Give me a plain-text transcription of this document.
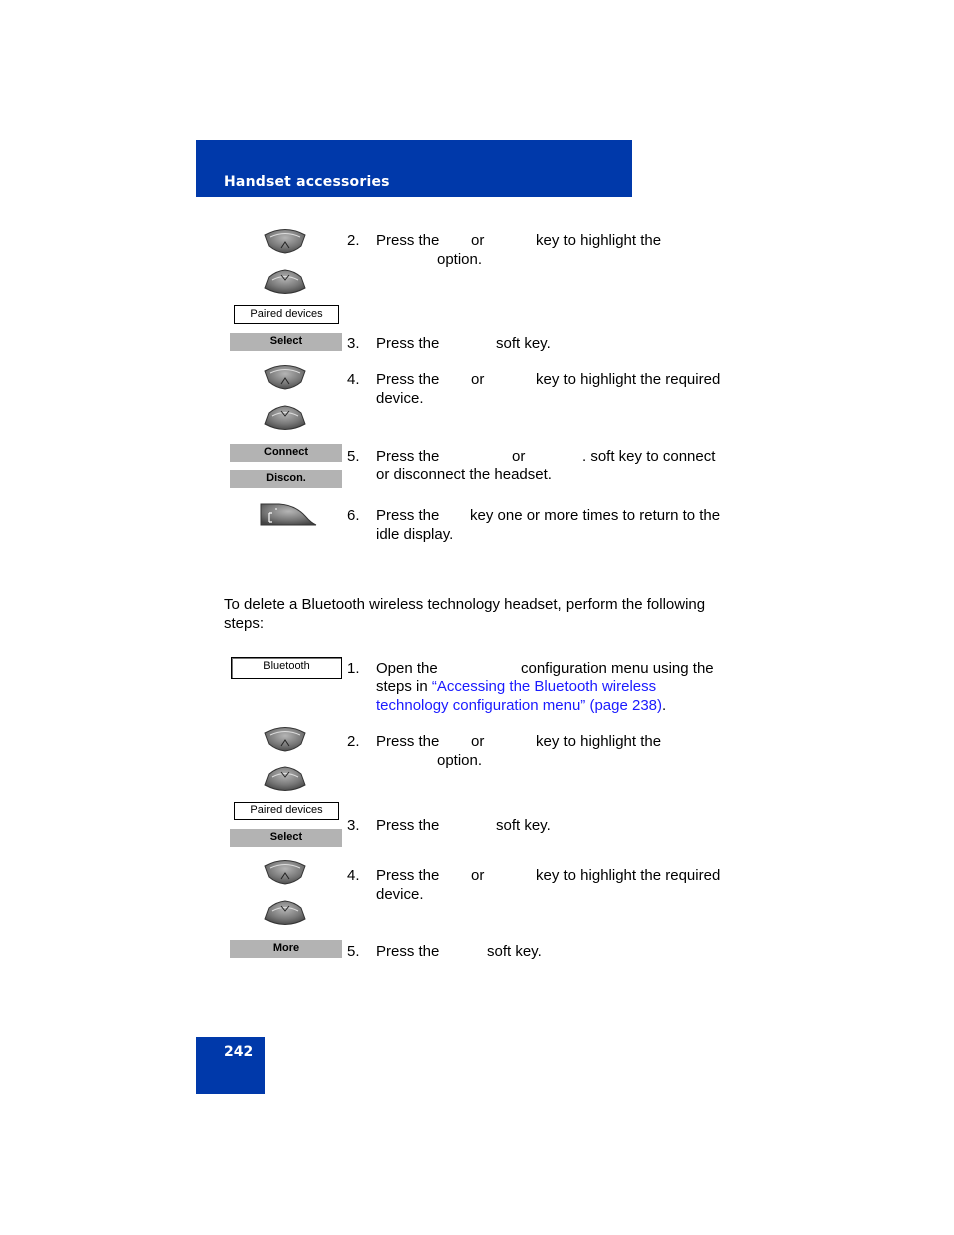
Handset accessories
2. Press the or	key to highlight the
option.
Paired devices
Select	3. Press the	soft key.
4. Press the or	key to highlight the required
device.
Connect
Discon.
5. Press the	or	. soft key to connect
or disconnect the headset.
6. Press the key one or more times to return to the
idle display.
To delete a Bluetooth wireless technology headset, perform the following
steps:
Bluetooth	1. Open the	configuration menu using the
steps in “Accessing the Bluetooth wireless
technology configuration menu” (page 238).
2. Press the or	key to highlight the
option.
Paired devices
Select
3. Press the	soft key.
4. Press the or	key to highlight the required
device.
More	5. Press the	soft key.
242
